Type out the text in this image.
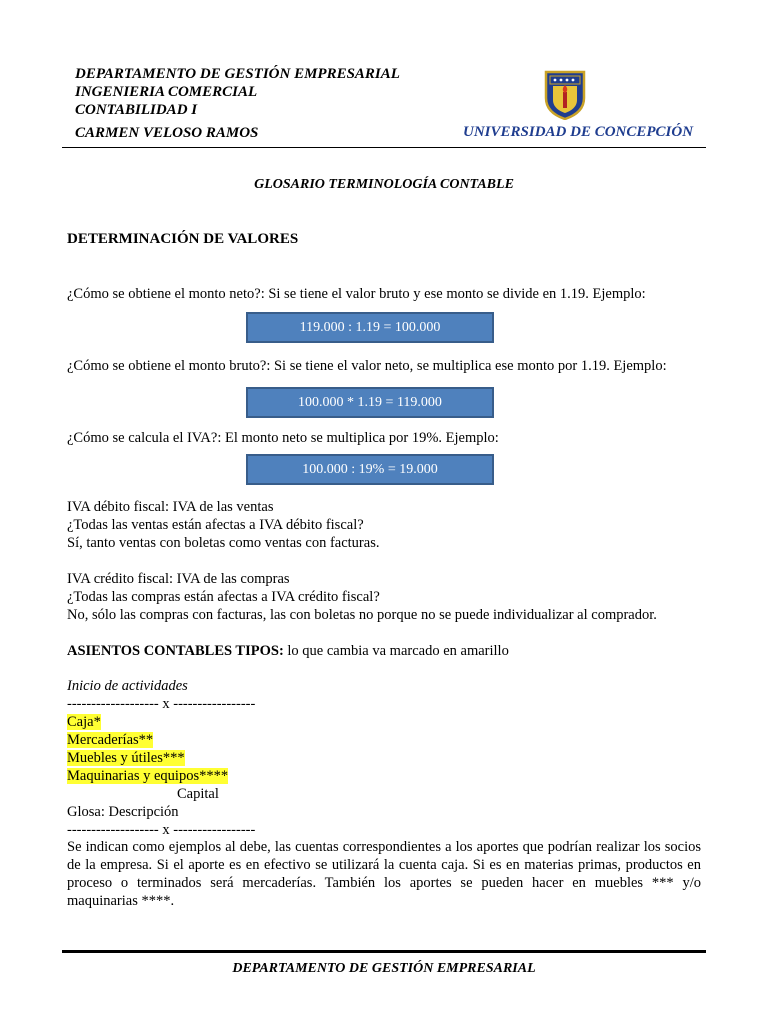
DEPARTAMENTO DE GESTIÓN EMPRESARIAL
INGENIERIA COMERCIAL
CONTABILIDAD I
CARMEN VELOSO RAMOS	UNIVERSIDAD DE CONCEPCIÓN
GLOSARIO TERMINOLOGÍA CONTABLE
DETERMINACIÓN DE VALORES
¿Cómo se obtiene el monto neto?: Si se tiene el valor bruto y ese monto se divide en 1.19. Ejemplo:
119.000 : 1.19 = 100.000
¿Cómo se obtiene el monto bruto?: Si se tiene el valor neto, se multiplica ese monto por 1.19. Ejemplo:
100.000 * 1.19 = 119.000
¿Cómo se calcula el IVA?: El monto neto se multiplica por 19%. Ejemplo:
100.000 : 19% = 19.000
IVA débito fiscal: IVA de las ventas
¿Todas las ventas están afectas a IVA débito fiscal?
Sí, tanto ventas con boletas como ventas con facturas.
IVA crédito fiscal: IVA de las compras
¿Todas las compras están afectas a IVA crédito fiscal?
No, sólo las compras con facturas, las con boletas no porque no se puede individualizar al comprador.
ASIENTOS CONTABLES TIPOS: lo que cambia va marcado en amarillo
Inicio de actividades
------------------- x -----------------
Caja*
Mercaderías**
Muebles y útiles***
Maquinarias y equipos****
Capital
Glosa: Descripción
------------------- x -----------------
Se indican como ejemplos al debe, las cuentas correspondientes a los aportes que podrían realizar los socios de la empresa. Si el aporte es en efectivo se utilizará la cuenta caja. Si es en materias primas, productos en proceso o terminados será mercaderías. También los aportes se pueden hacer en muebles *** y/o maquinarias ****.
DEPARTAMENTO DE GESTIÓN EMPRESARIAL
